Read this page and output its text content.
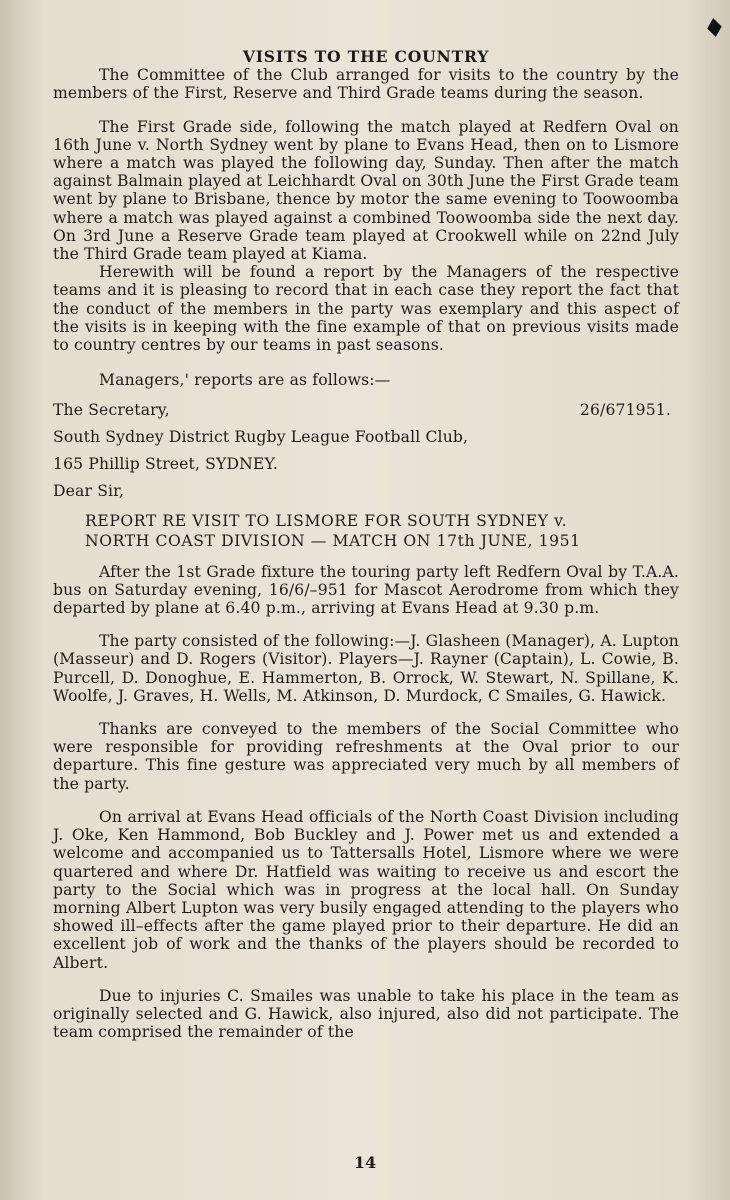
♦
VISITS TO THE COUNTRY

The Committee of the Club arranged for visits to the country by the members of the First, Reserve and Third Grade teams during the season.

The First Grade side, following the match played at Redfern Oval on 16th June v. North Sydney went by plane to Evans Head, then on to Lismore where a match was played the following day, Sunday. Then after the match against Balmain played at Leichhardt Oval on 30th June the First Grade team went by plane to Brisbane, thence by motor the same evening to Toowoomba where a match was played against a combined Toowoomba side the next day. On 3rd June a Reserve Grade team played at Crookwell while on 22nd July the Third Grade team played at Kiama.

Herewith will be found a report by the Managers of the respective teams and it is pleasing to record that in each case they report the fact that the conduct of the members in the party was exemplary and this aspect of the visits is in keeping with the fine example of that on previous visits made to country centres by our teams in past seasons.

Managers,' reports are as follows:—
The Secretary,	26/671951.
South Sydney District Rugby League Football Club,
165 Phillip Street, SYDNEY.
Dear Sir,
REPORT RE VISIT TO LISMORE FOR SOUTH SYDNEY v.
NORTH COAST DIVISION — MATCH ON 17th JUNE, 1951

After the 1st Grade fixture the touring party left Redfern Oval by T.A.A. bus on Saturday evening, 16/6/–951 for Mascot Aerodrome from which they departed by plane at 6.40 p.m., arriving at Evans Head at 9.30 p.m.

The party consisted of the following:—J. Glasheen (Manager), A. Lupton (Masseur) and D. Rogers (Visitor). Players—J. Rayner (Captain), L. Cowie, B. Purcell, D. Donoghue, E. Hammerton, B. Orrock, W. Stewart, N. Spillane, K. Woolfe, J. Graves, H. Wells, M. Atkinson, D. Murdock, C Smailes, G. Hawick.

Thanks are conveyed to the members of the Social Committee who were responsible for providing refreshments at the Oval prior to our departure. This fine gesture was appreciated very much by all members of the party.

On arrival at Evans Head officials of the North Coast Division including J. Oke, Ken Hammond, Bob Buckley and J. Power met us and extended a welcome and accompanied us to Tattersalls Hotel, Lismore where we were quartered and where Dr. Hatfield was waiting to receive us and escort the party to the Social which was in progress at the local hall. On Sunday morning Albert Lupton was very busily engaged attending to the players who showed ill–effects after the game played prior to their departure. He did an excellent job of work and the thanks of the players should be recorded to Albert.

Due to injuries C. Smailes was unable to take his place in the team as originally selected and G. Hawick, also injured, also did not participate. The team comprised the remainder of the

14
